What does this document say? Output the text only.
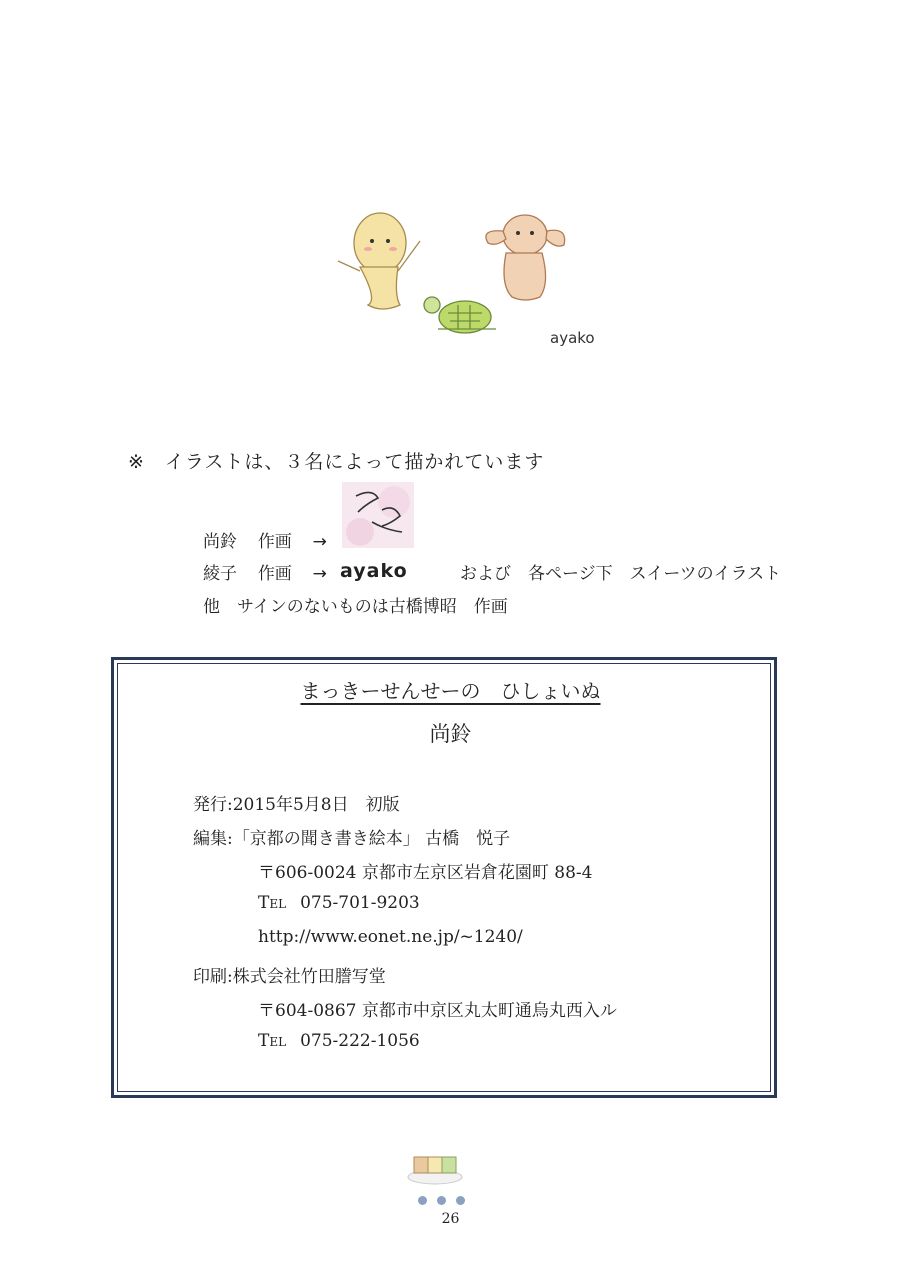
ayako
※　イラストは、３名によって描かれています
尚鈴 作画 →
綾子 作画 → ayako	および　各ページ下　スイーツのイラスト
他　サインのないものは古橋博昭　作画
まっきーせんせーの　ひしょいぬ
尚鈴
発行:2015年5月8日　初版
編集:「京都の聞き書き絵本」 古橋　悦子
〒606-0024 京都市左京区岩倉花園町 88-4
Tel 075-701-9203
http://www.eonet.ne.jp/~1240/
印刷:株式会社竹田謄写堂
〒604-0867 京都市中京区丸太町通烏丸西入ル
Tel 075-222-1056
26
